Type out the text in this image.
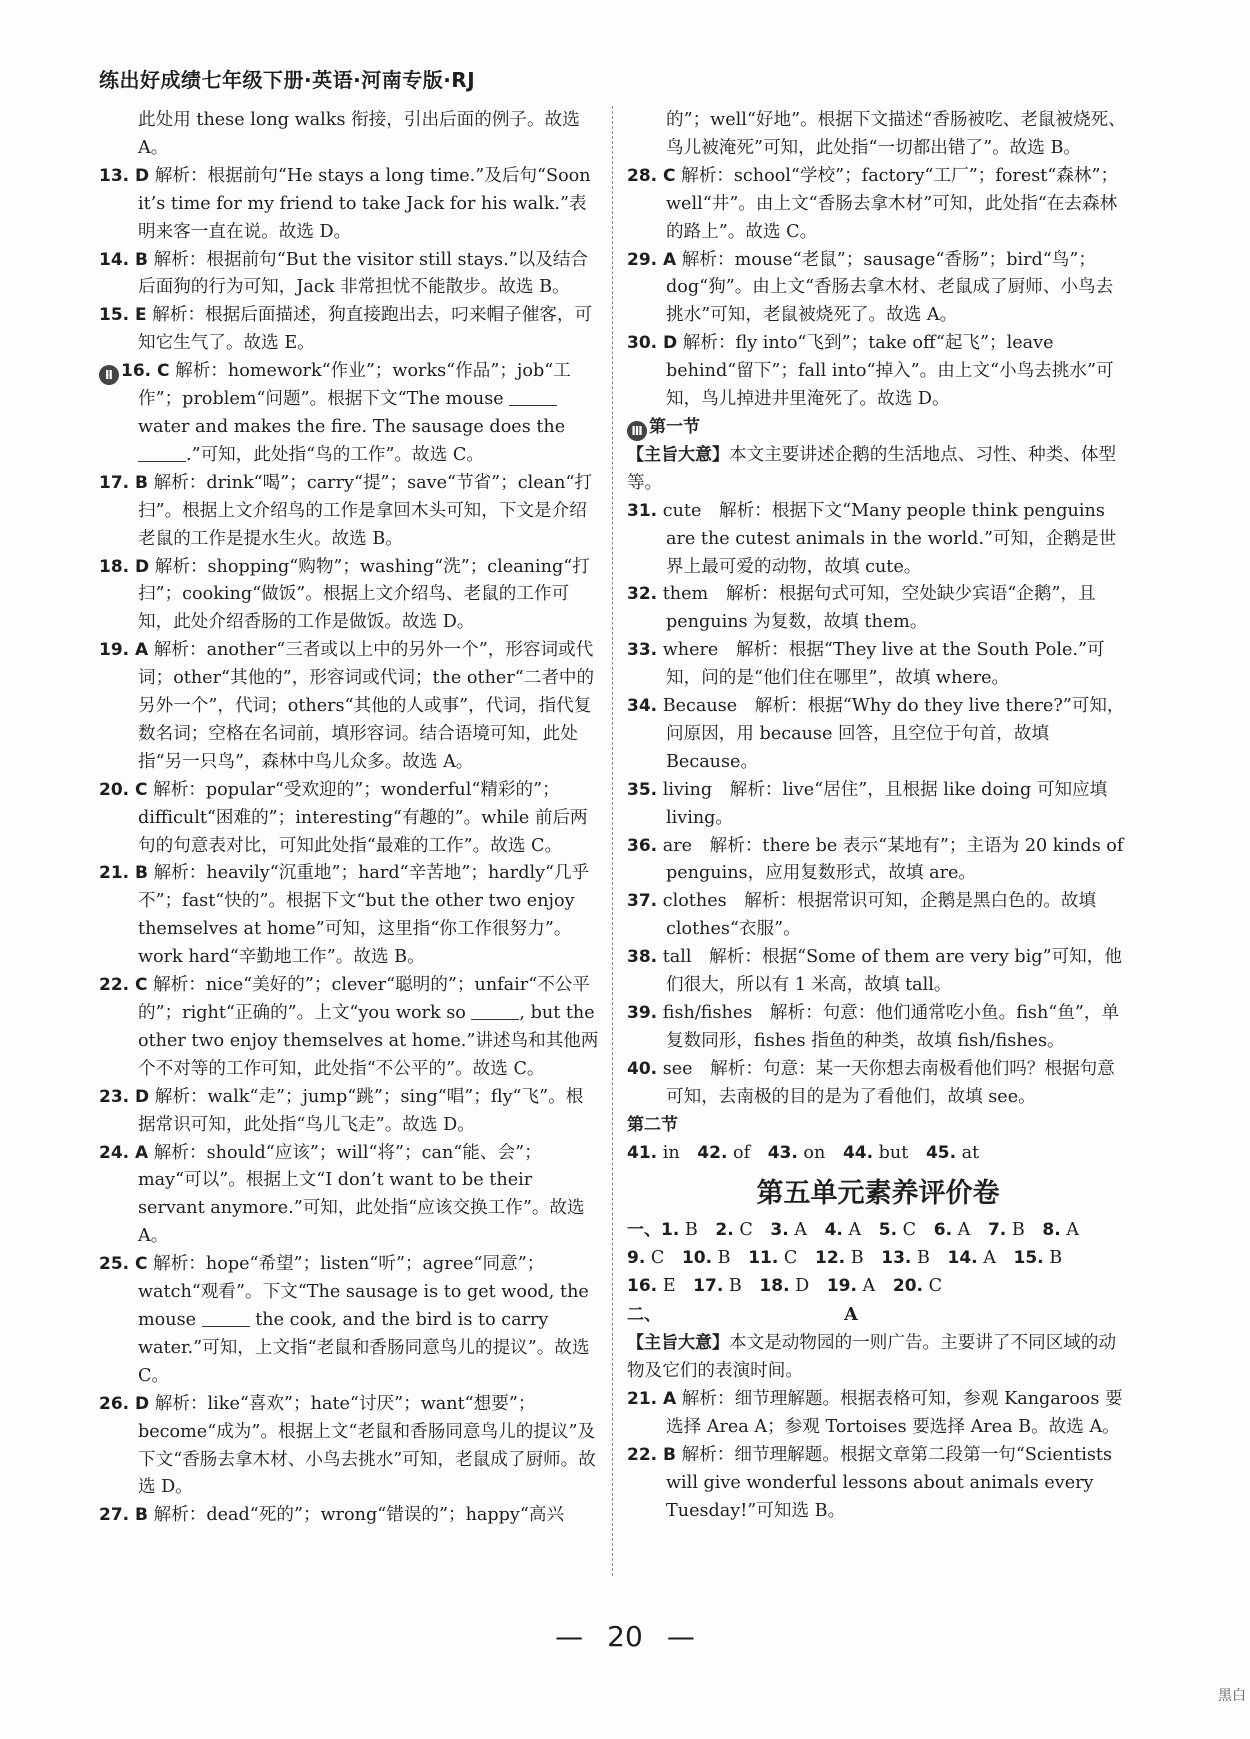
练出好成绩七年级下册·英语·河南专版·RJ

此处用 these long walks 衔接，引出后面的例子。故选 A。

13. D 解析：根据前句“He stays a long time.”及后句“Soon it’s time for my friend to take Jack for his walk.”表明来客一直在说。故选 D。

14. B 解析：根据前句“But the visitor still stays.”以及结合后面狗的行为可知，Jack 非常担忧不能散步。故选 B。

15. E 解析：根据后面描述，狗直接跑出去，叼来帽子催客，可知它生气了。故选 E。

Ⅱ 16. C 解析：homework“作业”；works“作品”；job“工作”；problem“问题”。根据下文“The mouse water and makes the fire. The sausage does the .”可知，此处指“鸟的工作”。故选 C。

17. B 解析：drink“喝”；carry“提”；save“节省”；clean“打扫”。根据上文介绍鸟的工作是拿回木头可知，下文是介绍老鼠的工作是提水生火。故选 B。

18. D 解析：shopping“购物”；washing“洗”；cleaning“打扫”；cooking“做饭”。根据上文介绍鸟、老鼠的工作可知，此处介绍香肠的工作是做饭。故选 D。

19. A 解析：another“三者或以上中的另外一个”，形容词或代词；other“其他的”，形容词或代词；the other“二者中的另外一个”，代词；others“其他的人或事”，代词，指代复数名词；空格在名词前，填形容词。结合语境可知，此处指“另一只鸟”，森林中鸟儿众多。故选 A。

20. C 解析：popular“受欢迎的”；wonderful“精彩的”；difficult“困难的”；interesting“有趣的”。while 前后两句的句意表对比，可知此处指“最难的工作”。故选 C。

21. B 解析：heavily“沉重地”；hard“辛苦地”；hardly“几乎不”；fast“快的”。根据下文“but the other two enjoy themselves at home”可知，这里指“你工作很努力”。work hard“辛勤地工作”。故选 B。

22. C 解析：nice“美好的”；clever“聪明的”；unfair“不公平的”；right“正确的”。上文“you work so	, but the other two enjoy themselves at home.”讲述鸟和其他两个不对等的工作可知，此处指“不公平的”。故选 C。

23. D 解析：walk“走”；jump“跳”；sing“唱”；fly“飞”。根据常识可知，此处指“鸟儿飞走”。故选 D。

24. A 解析：should“应该”；will“将”；can“能、会”；may“可以”。根据上文“I don’t want to be their servant anymore.”可知，此处指“应该交换工作”。故选 A。

25. C 解析：hope“希望”；listen“听”；agree“同意”；watch“观看”。下文“The sausage is to get wood, the mouse	the cook, and the bird is to carry water.”可知，上文指“老鼠和香肠同意鸟儿的提议”。故选 C。

26. D 解析：like“喜欢”；hate“讨厌”；want“想要”；become“成为”。根据上文“老鼠和香肠同意鸟儿的提议”及下文“香肠去拿木材、小鸟去挑水”可知，老鼠成了厨师。故选 D。

27. B 解析：dead“死的”；wrong“错误的”；happy“高兴

的”；well“好地”。根据下文描述“香肠被吃、老鼠被烧死、鸟儿被淹死”可知，此处指“一切都出错了”。故选 B。

28. C 解析：school“学校”；factory“工厂”；forest“森林”；well“井”。由上文“香肠去拿木材”可知，此处指“在去森林的路上”。故选 C。

29. A 解析：mouse“老鼠”；sausage“香肠”；bird“鸟”；dog“狗”。由上文“香肠去拿木材、老鼠成了厨师、小鸟去挑水”可知，老鼠被烧死了。故选 A。

30. D 解析：fly into“飞到”；take off“起飞”；leave behind“留下”；fall into“掉入”。由上文“小鸟去挑水”可知，鸟儿掉进井里淹死了。故选 D。

Ⅲ 第一节

【主旨大意】本文主要讲述企鹅的生活地点、习性、种类、体型等。

31. cute  解析：根据下文“Many people think penguins are the cutest animals in the world.”可知，企鹅是世界上最可爱的动物，故填 cute。

32. them  解析：根据句式可知，空处缺少宾语“企鹅”，且 penguins 为复数，故填 them。

33. where  解析：根据“They live at the South Pole.”可知，问的是“他们住在哪里”，故填 where。

34. Because  解析：根据“Why do they live there?”可知，问原因，用 because 回答，且空位于句首，故填 Because。

35. living  解析：live“居住”，且根据 like doing 可知应填 living。

36. are  解析：there be 表示“某地有”；主语为 20 kinds of penguins，应用复数形式，故填 are。

37. clothes  解析：根据常识可知，企鹅是黑白色的。故填 clothes“衣服”。

38. tall  解析：根据“Some of them are very big”可知，他们很大，所以有 1 米高，故填 tall。

39. fish/fishes  解析：句意：他们通常吃小鱼。fish“鱼”，单复数同形，fishes 指鱼的种类，故填 fish/fishes。

40. see  解析：句意：某一天你想去南极看他们吗？根据句意可知，去南极的目的是为了看他们，故填 see。

第二节

41. in  42. of  43. on  44. but  45. at 

第五单元素养评价卷

一、1. B  2. C  3. A  4. A  5. C  6. A  7. B  8. A 

9. C  10. B  11. C  12. B  13. B  14. A  15. B 

16. E  17. B  18. D  19. A  20. C 

二、	A

【主旨大意】本文是动物园的一则广告。主要讲了不同区域的动物及它们的表演时间。

21. A 解析：细节理解题。根据表格可知，参观 Kangaroos 要选择 Area A；参观 Tortoises 要选择 Area B。故选 A。

22. B 解析：细节理解题。根据文章第二段第一句“Scientists will give wonderful lessons about animals every Tuesday!”可知选 B。

— 20 —
黑白
